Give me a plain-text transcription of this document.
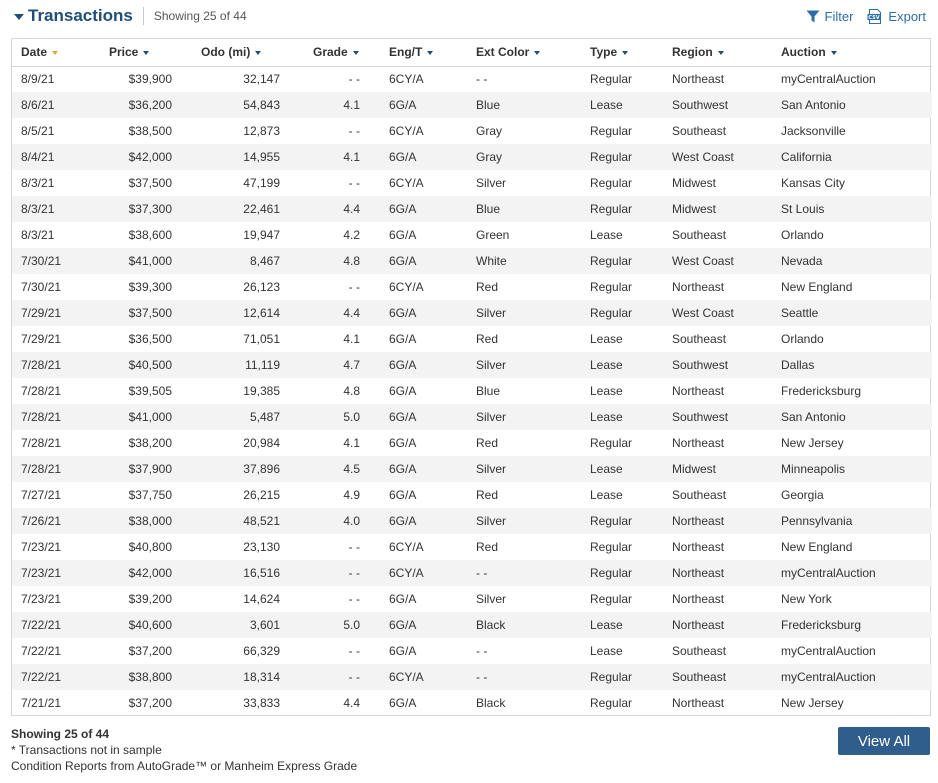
Transactions Showing 25 of 44	Filter	CSV Export
Date	Price	Odo (mi)	Grade	Eng/T	Ext Color	Type	Region	Auction
8/9/21	$39,900	32,147	- -	6CY/A	- -	Regular	Northeast	myCentralAuction
8/6/21	$36,200	54,843	4.1	6G/A	Blue	Lease	Southwest	San Antonio
8/5/21	$38,500	12,873	- -	6CY/A	Gray	Regular	Southeast	Jacksonville
8/4/21	$42,000	14,955	4.1	6G/A	Gray	Regular	West Coast	California
8/3/21	$37,500	47,199	- -	6CY/A	Silver	Regular	Midwest	Kansas City
8/3/21	$37,300	22,461	4.4	6G/A	Blue	Regular	Midwest	St Louis
8/3/21	$38,600	19,947	4.2	6G/A	Green	Lease	Southeast	Orlando
7/30/21	$41,000	8,467	4.8	6G/A	White	Regular	West Coast	Nevada
7/30/21	$39,300	26,123	- -	6CY/A	Red	Regular	Northeast	New England
7/29/21	$37,500	12,614	4.4	6G/A	Silver	Regular	West Coast	Seattle
7/29/21	$36,500	71,051	4.1	6G/A	Red	Lease	Southeast	Orlando
7/28/21	$40,500	11,119	4.7	6G/A	Silver	Lease	Southwest	Dallas
7/28/21	$39,505	19,385	4.8	6G/A	Blue	Lease	Northeast	Fredericksburg
7/28/21	$41,000	5,487	5.0	6G/A	Silver	Lease	Southwest	San Antonio
7/28/21	$38,200	20,984	4.1	6G/A	Red	Regular	Northeast	New Jersey
7/28/21	$37,900	37,896	4.5	6G/A	Silver	Lease	Midwest	Minneapolis
7/27/21	$37,750	26,215	4.9	6G/A	Red	Lease	Southeast	Georgia
7/26/21	$38,000	48,521	4.0	6G/A	Silver	Regular	Northeast	Pennsylvania
7/23/21	$40,800	23,130	- -	6CY/A	Red	Regular	Northeast	New England
7/23/21	$42,000	16,516	- -	6CY/A	- -	Regular	Northeast	myCentralAuction
7/23/21	$39,200	14,624	- -	6G/A	Silver	Regular	Northeast	New York
7/22/21	$40,600	3,601	5.0	6G/A	Black	Lease	Northeast	Fredericksburg
7/22/21	$37,200	66,329	- -	6G/A	- -	Lease	Southeast	myCentralAuction
7/22/21	$38,800	18,314	- -	6CY/A	- -	Regular	Southeast	myCentralAuction
7/21/21	$37,200	33,833	4.4	6G/A	Black	Regular	Northeast	New Jersey
Showing 25 of 44
* Transactions not in sample
Condition Reports from AutoGrade™ or Manheim Express Grade
View All
